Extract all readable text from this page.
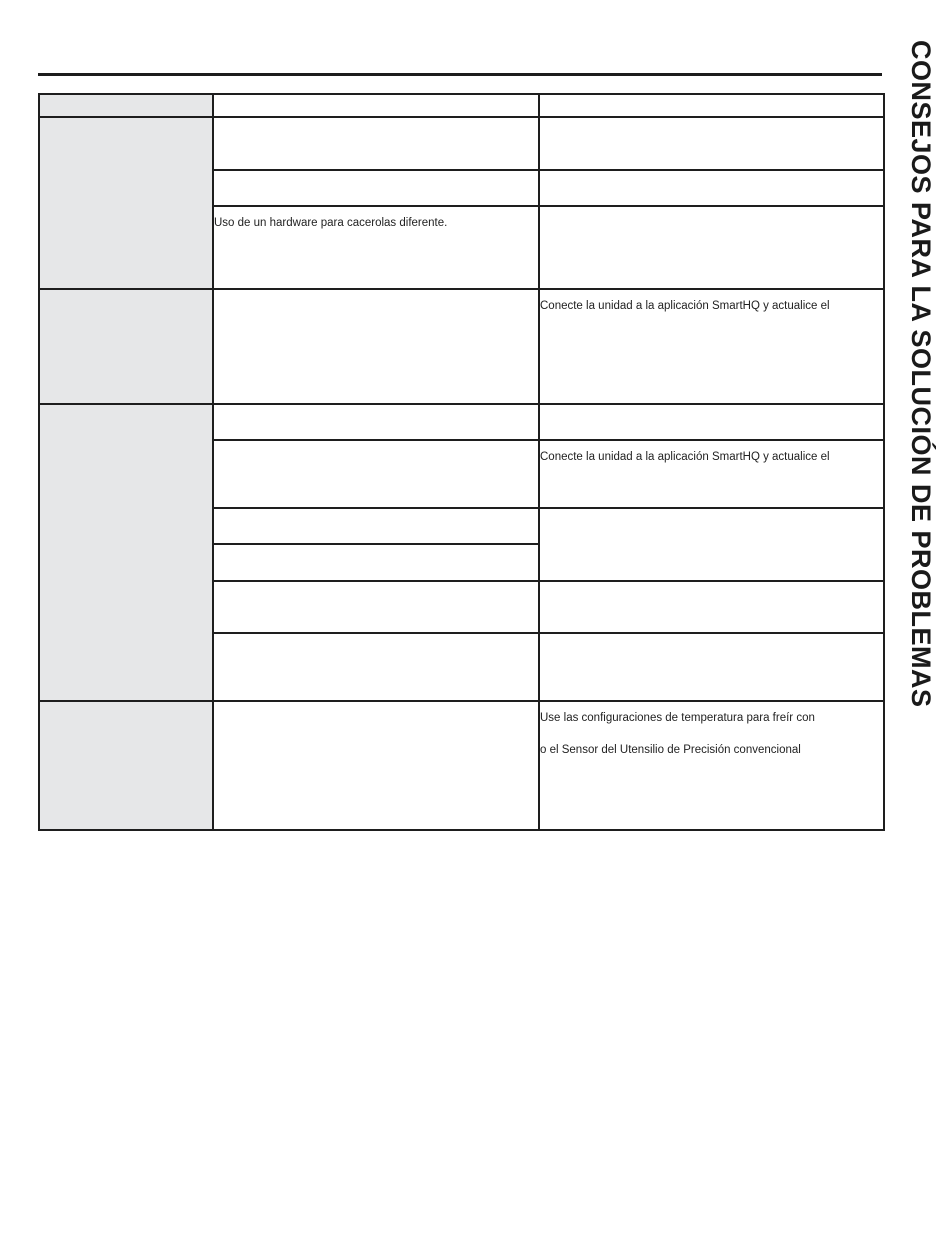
CONSEJOS PARA LA SOLUCIÓN DE PROBLEMAS

	Uso de un hardware para cacerolas diferente.	

		Conecte la unidad a la aplicación SmartHQ y actualice el

		Conecte la unidad a la aplicación SmartHQ y actualice el

		Use las configuraciones de temperatura para freír con
o el Sensor del Utensilio de Precisión convencional
